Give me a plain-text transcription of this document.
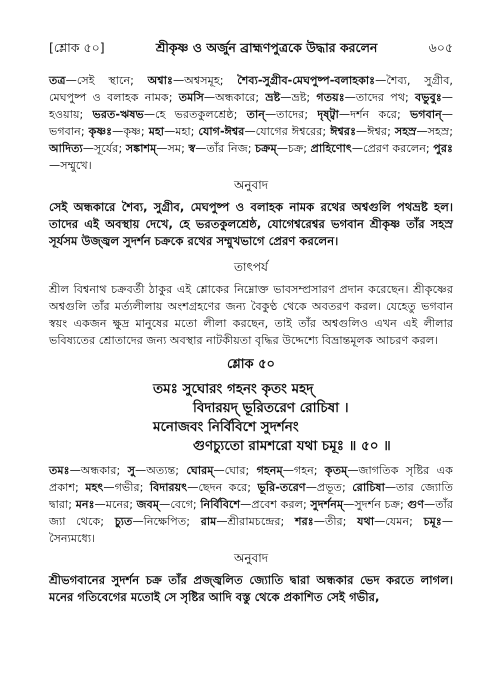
[শ্লোক ৫০]	শ্রীকৃষ্ণ ও অর্জুন ব্রাহ্মণপুত্রকে উদ্ধার করলেন	৬০৫

তত্র—সেই স্থানে; অশ্বাঃ—অশ্বসমূহ; শৈব্য-সুগ্রীব-মেঘপুষ্প-বলাহকাঃ—শৈব্য, সুগ্রীব, মেঘপুষ্প ও বলাহক নামক; তমসি—অন্ধকারে; ভ্রষ্ট—ভ্রষ্ট; গতয়ঃ—তাদের পথ; বভুবুঃ—হওয়ায়; ভরত-ঋষভ—হে ভরতকুলশ্রেষ্ঠ; তান্—তাদের; দৃষ্ট্বা—দর্শন করে; ভগবান্—ভগবান; কৃষ্ণঃ—কৃষ্ণ; মহা—মহা; যোগ-ঈশ্বর—যোগের ঈশ্বরের; ঈশ্বরঃ—ঈশ্বর; সহস্র—সহস্র; আদিত্য—সূর্যের; সঙ্কাশম্—সম; স্ব—তাঁর নিজ; চক্রম্—চক্র; প্রাহিণোৎ—প্রেরণ করলেন; পুরঃ—সম্মুখে।

অনুবাদ

সেই অন্ধকারে শৈব্য, সুগ্রীব, মেঘপুষ্প ও বলাহক নামক রথের অশ্বগুলি পথভ্রষ্ট হল। তাদের এই অবস্থায় দেখে, হে ভরতকুলশ্রেষ্ঠ, যোগেশ্বরেশ্বর ভগবান শ্রীকৃষ্ণ তাঁর সহস্র সূর্যসম উজ্জ্বল সুদর্শন চক্রকে রথের সম্মুখভাগে প্রেরণ করলেন।

তাৎপর্য

শ্রীল বিশ্বনাথ চক্রবর্তী ঠাকুর এই শ্লোকের নিম্নোক্ত ভাবসম্প্রসারণ প্রদান করেছেন। শ্রীকৃষ্ণের অশ্বগুলি তাঁর মর্ত্যলীলায় অংশগ্রহণের জন্য বৈকুণ্ঠ থেকে অবতরণ করল। যেহেতু ভগবান স্বয়ং একজন ক্ষুদ্র মানুষের মতো লীলা করছেন, তাই তাঁর অশ্বগুলিও এখন এই লীলার ভবিষ্যতের শ্রোতাদের জন্য অবস্থার নাটকীয়তা বৃদ্ধির উদ্দেশ্যে বিভ্রান্তমূলক আচরণ করল।

শ্লোক ৫০
তমঃ সুঘোরং গহনং কৃতং মহদ্
বিদারয়দ্ ভূরিতরেণ রোচিষা ।
মনোজবং নির্বিবিশে সুদর্শনং
গুণচ্যুতো রামশরো যথা চমূঃ ॥ ৫০ ॥

তমঃ—অন্ধকার; সু—অত্যন্ত; ঘোরম্—ঘোর; গহনম্—গহন; কৃতম্—জাগতিক সৃষ্টির এক প্রকাশ; মহৎ—গভীর; বিদারয়ৎ—ছেদন করে; ভূরি-তরেণ—প্রভূত; রোচিষা—তার জ্যোতি দ্বারা; মনঃ—মনের; জবম্—বেগে; নির্বিবিশে—প্রবেশ করল; সুদর্শনম্—সুদর্শন চক্র; গুণ—তাঁর জ্যা থেকে; চ্যুত—নিক্ষেপিত; রাম—শ্রীরামচন্দ্রের; শরঃ—তীর; যথা—যেমন; চমূঃ—সৈন্যমধ্যে।

অনুবাদ

শ্রীভগবানের সুদর্শন চক্র তাঁর প্রজ্জ্বলিত জ্যোতি দ্বারা অন্ধকার ভেদ করতে লাগল। মনের গতিবেগের মতোই সে সৃষ্টির আদি বস্তু থেকে প্রকাশিত সেই গভীর,
